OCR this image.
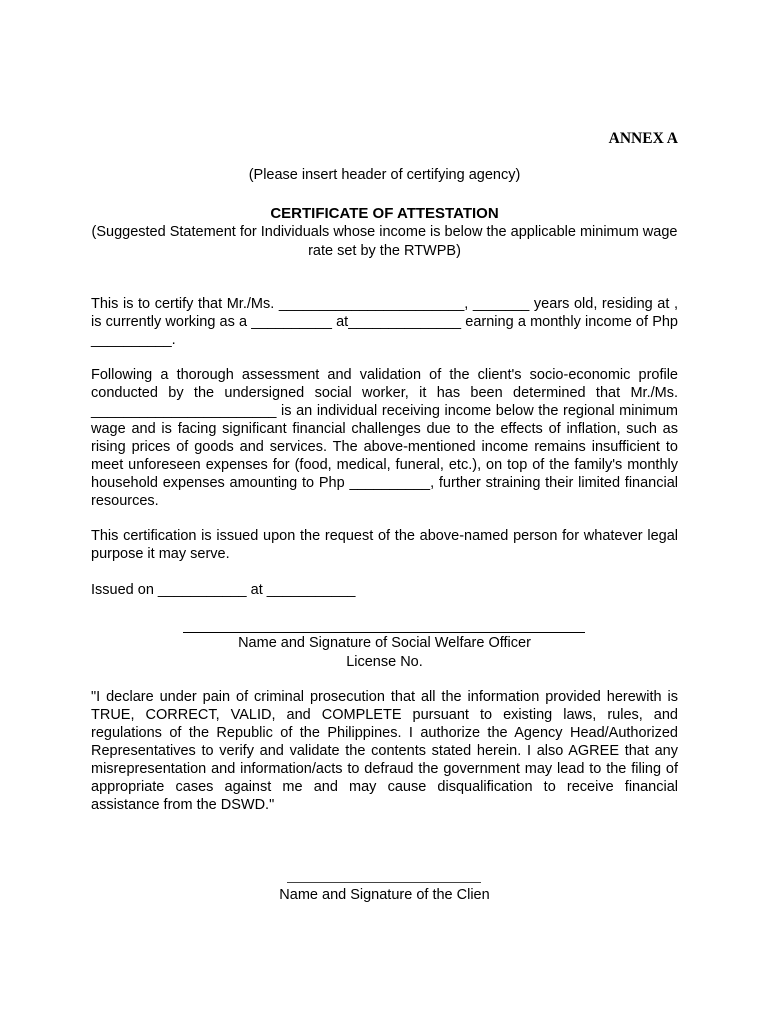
ANNEX A
(Please insert header of certifying agency)
CERTIFICATE OF ATTESTATION
(Suggested Statement for Individuals whose income is below the applicable minimum wage rate set by the RTWPB)

This is to certify that Mr./Ms. _______________________, _______ years old, residing at , is currently working as a __________ at______________ earning a monthly income of Php __________.

Following a thorough assessment and validation of the client's socio-economic profile conducted by the undersigned social worker, it has been determined that Mr./Ms. _______________________ is an individual receiving income below the regional minimum wage and is facing significant financial challenges due to the effects of inflation, such as rising prices of goods and services. The above-mentioned income remains insufficient to meet unforeseen expenses for (food, medical, funeral, etc.), on top of the family's monthly household expenses amounting to Php __________, further straining their limited financial resources.

This certification is issued upon the request of the above-named person for whatever legal purpose it may serve.

Issued on ___________ at ___________

Name and Signature of Social Welfare Officer
License No.

"I declare under pain of criminal prosecution that all the information provided herewith is TRUE, CORRECT, VALID, and COMPLETE pursuant to existing laws, rules, and regulations of the Republic of the Philippines. I authorize the Agency Head/Authorized Representatives to verify and validate the contents stated herein. I also AGREE that any misrepresentation and information/acts to defraud the government may lead to the filing of appropriate cases against me and may cause disqualification to receive financial assistance from the DSWD."

Name and Signature of the Clien
